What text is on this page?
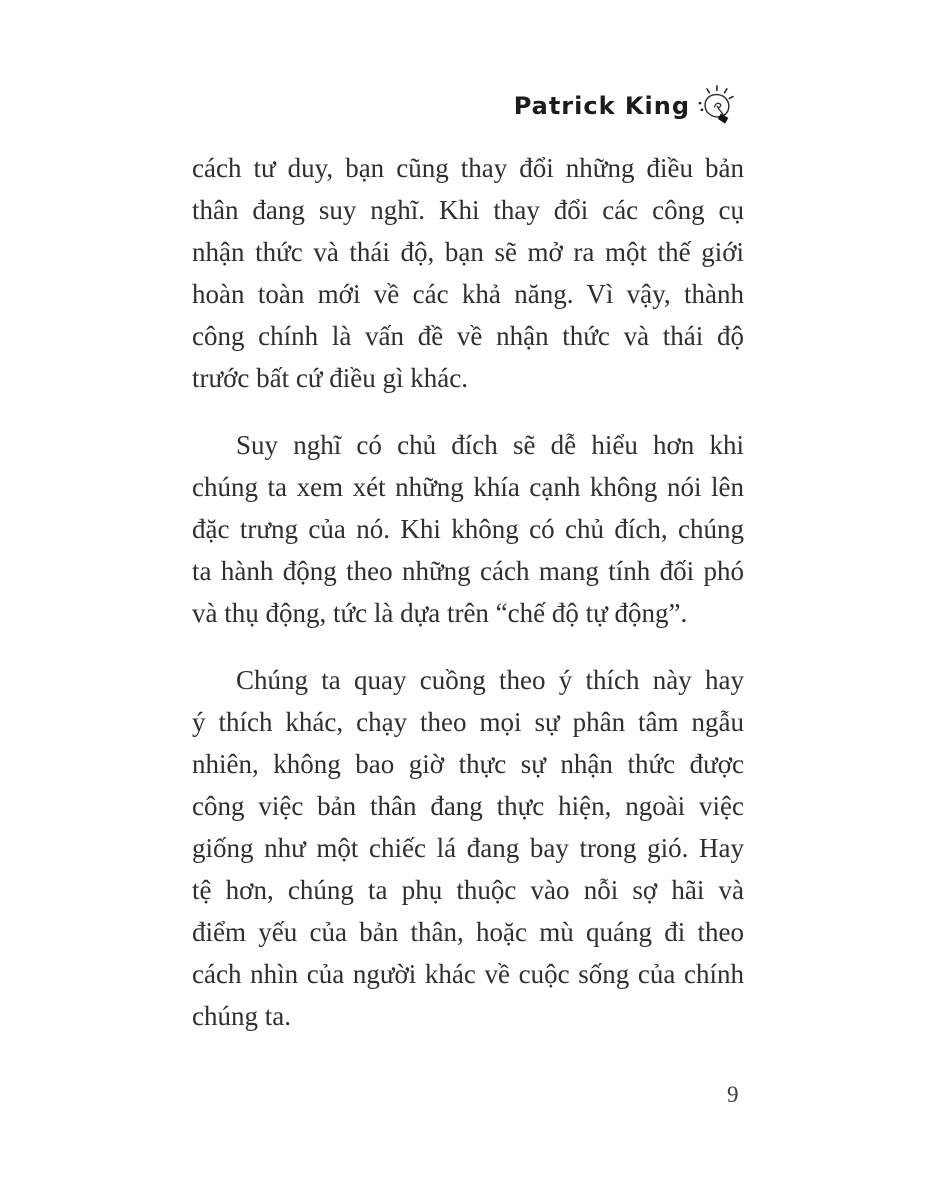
Patrick King
cách tư duy, bạn cũng thay đổi những điều bản
thân đang suy nghĩ. Khi thay đổi các công cụ
nhận thức và thái độ, bạn sẽ mở ra một thế giới
hoàn toàn mới về các khả năng. Vì vậy, thành
công chính là vấn đề về nhận thức và thái độ
trước bất cứ điều gì khác.
Suy nghĩ có chủ đích sẽ dễ hiểu hơn khi
chúng ta xem xét những khía cạnh không nói lên
đặc trưng của nó. Khi không có chủ đích, chúng
ta hành động theo những cách mang tính đối phó
và thụ động, tức là dựa trên “chế độ tự động”.
Chúng ta quay cuồng theo ý thích này hay
ý thích khác, chạy theo mọi sự phân tâm ngẫu
nhiên, không bao giờ thực sự nhận thức được
công việc bản thân đang thực hiện, ngoài việc
giống như một chiếc lá đang bay trong gió. Hay
tệ hơn, chúng ta phụ thuộc vào nỗi sợ hãi và
điểm yếu của bản thân, hoặc mù quáng đi theo
cách nhìn của người khác về cuộc sống của chính
chúng ta.
9
